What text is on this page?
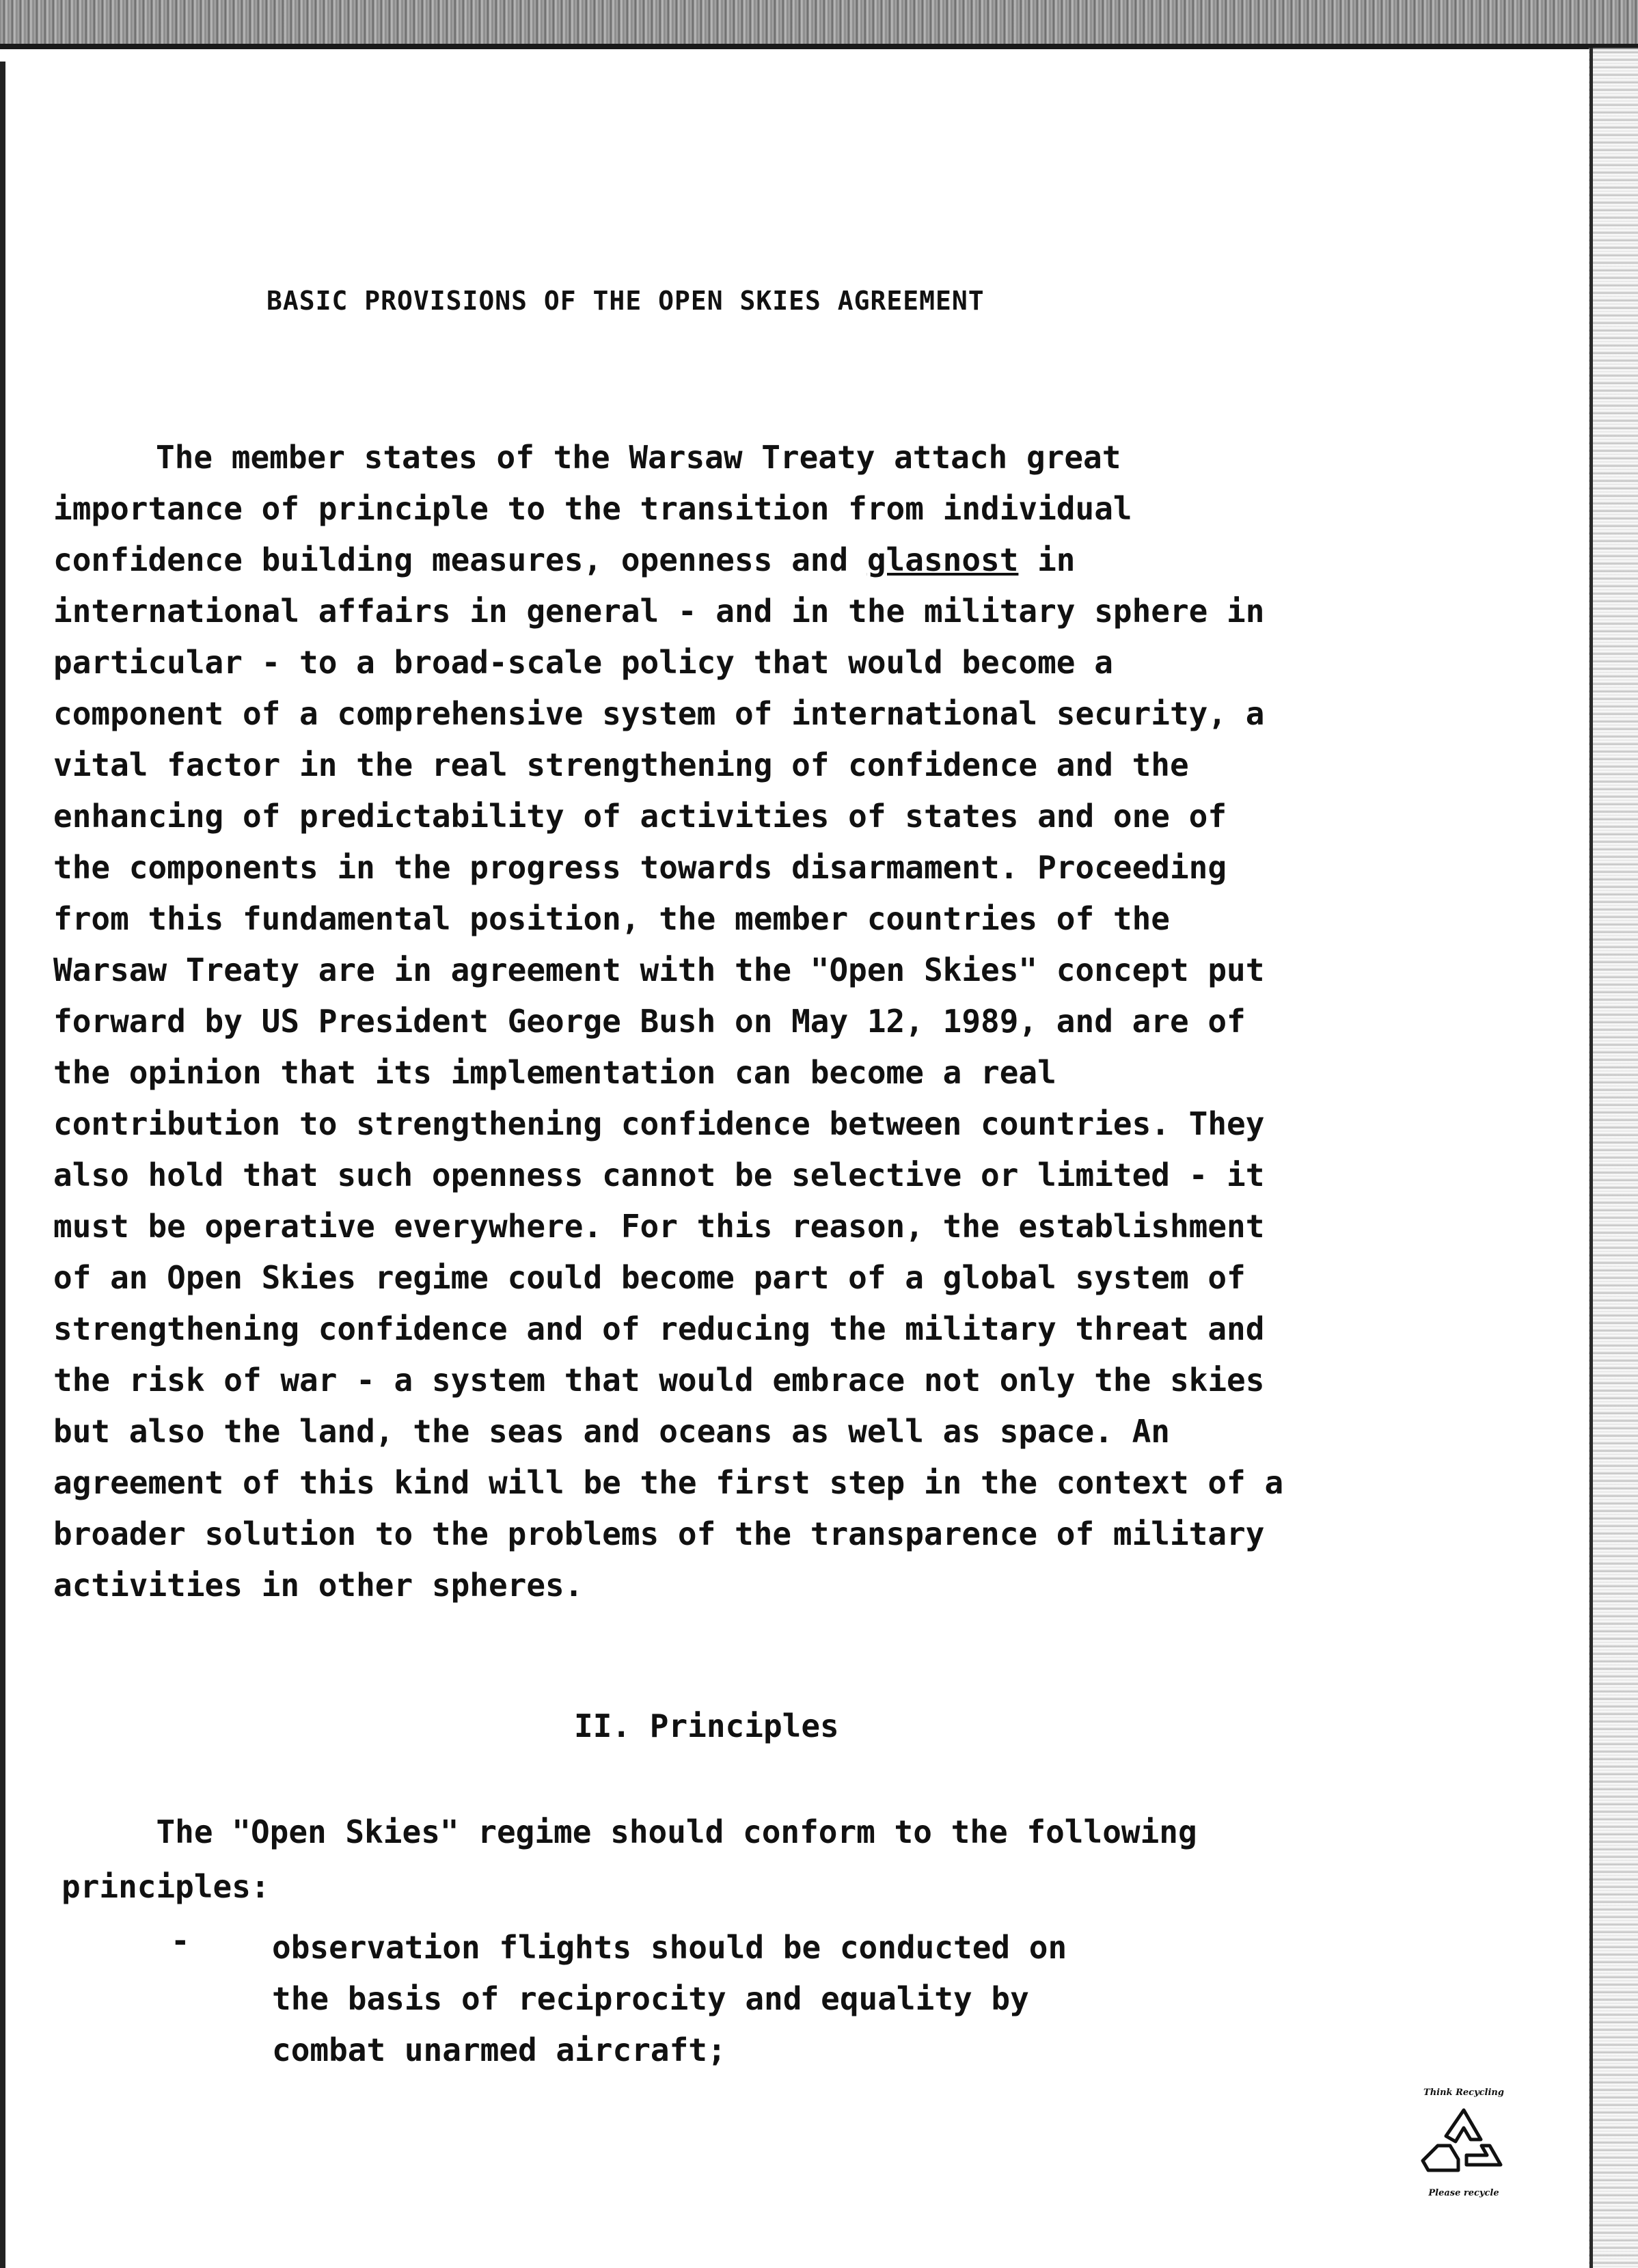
BASIC PROVISIONS OF THE OPEN SKIES AGREEMENT
The member states of the Warsaw Treaty attach great
importance of principle to the transition from individual
confidence building measures, openness and glasnost in
international affairs in general - and in the military sphere in
particular - to a broad-scale policy that would become a
component of a comprehensive system of international security, a
vital factor in the real strengthening of confidence and the
enhancing of predictability of activities of states and one of
the components in the progress towards disarmament. Proceeding
from this fundamental position, the member countries of the
Warsaw Treaty are in agreement with the "Open Skies" concept put
forward by US President George Bush on May 12, 1989, and are of
the opinion that its implementation can become a real
contribution to strengthening confidence between countries. They
also hold that such openness cannot be selective or limited - it
must be operative everywhere. For this reason, the establishment
of an Open Skies regime could become part of a global system of
strengthening confidence and of reducing the military threat and
the risk of war - a system that would embrace not only the skies
but also the land, the seas and oceans as well as space. An
agreement of this kind will be the first step in the context of a
broader solution to the problems of the transparence of military
activities in other spheres.
II. Principles
The "Open Skies" regime should conform to the following
principles:
-	observation flights should be conducted on
the basis of reciprocity and equality by
combat unarmed aircraft;
Think Recycling
Please recycle
